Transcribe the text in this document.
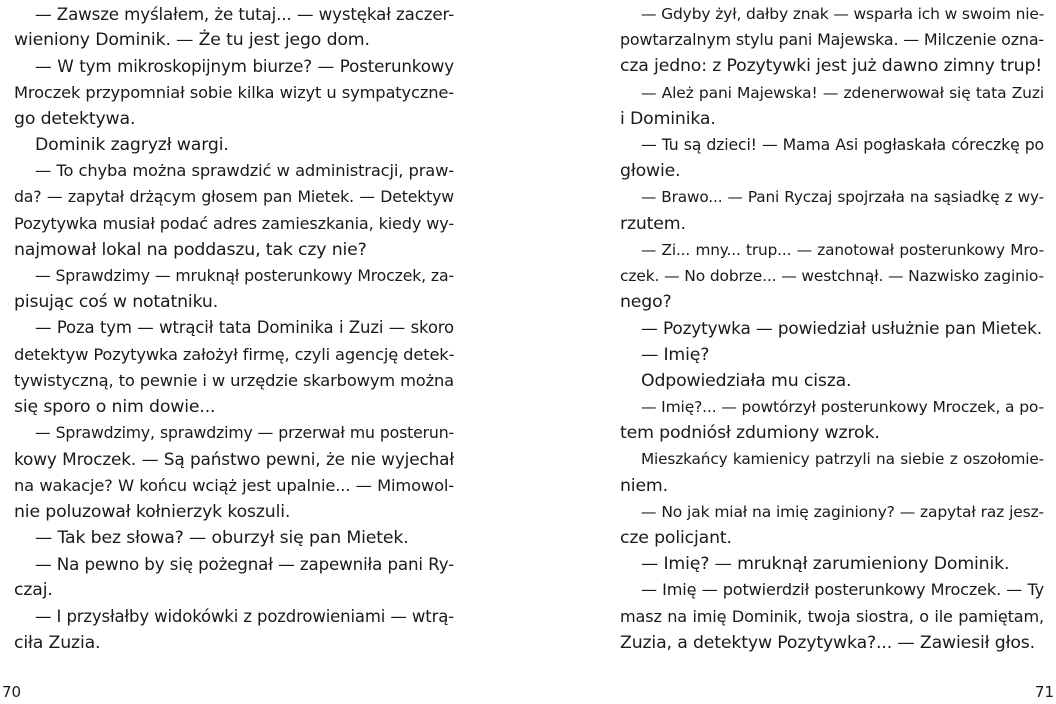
— Zawsze myślałem, że tutaj... — wystękał zaczer-
wieniony Dominik. — Że tu jest jego dom.
— W tym mikroskopijnym biurze? — Posterunkowy
Mroczek przypomniał sobie kilka wizyt u sympatyczne-
go detektywa.
Dominik zagryzł wargi.
— To chyba można sprawdzić w administracji, praw-
da? — zapytał drżącym głosem pan Mietek. — Detektyw
Pozytywka musiał podać adres zamieszkania, kiedy wy-
najmował lokal na poddaszu, tak czy nie?
— Sprawdzimy — mruknął posterunkowy Mroczek, za-
pisując coś w notatniku.
— Poza tym — wtrącił tata Dominika i Zuzi — skoro
detektyw Pozytywka założył firmę, czyli agencję detek-
tywistyczną, to pewnie i w urzędzie skarbowym można
się sporo o nim dowie...
— Sprawdzimy, sprawdzimy — przerwał mu posterun-
kowy Mroczek. — Są państwo pewni, że nie wyjechał
na wakacje? W końcu wciąż jest upalnie... — Mimowol-
nie poluzował kołnierzyk koszuli.
— Tak bez słowa? — oburzył się pan Mietek.
— Na pewno by się pożegnał — zapewniła pani Ry-
czaj.
— I przysłałby widokówki z pozdrowieniami — wtrą-
ciła Zuzia.
— Gdyby żył, dałby znak — wsparła ich w swoim nie-
powtarzalnym stylu pani Majewska. — Milczenie ozna-
cza jedno: z Pozytywki jest już dawno zimny trup!
— Ależ pani Majewska! — zdenerwował się tata Zuzi
i Dominika.
— Tu są dzieci! — Mama Asi pogłaskała córeczkę po
głowie.
— Brawo... — Pani Ryczaj spojrzała na sąsiadkę z wy-
rzutem.
— Zi... mny... trup... — zanotował posterunkowy Mro-
czek. — No dobrze... — westchnął. — Nazwisko zaginio-
nego?
— Pozytywka — powiedział usłużnie pan Mietek.
— Imię?
Odpowiedziała mu cisza.
— Imię?... — powtórzył posterunkowy Mroczek, a po-
tem podniósł zdumiony wzrok.
Mieszkańcy kamienicy patrzyli na siebie z oszołomie-
niem.
— No jak miał na imię zaginiony? — zapytał raz jesz-
cze policjant.
— Imię? — mruknął zarumieniony Dominik.
— Imię — potwierdził posterunkowy Mroczek. — Ty
masz na imię Dominik, twoja siostra, o ile pamiętam,
Zuzia, a detektyw Pozytywka?... — Zawiesił głos.
70	71
